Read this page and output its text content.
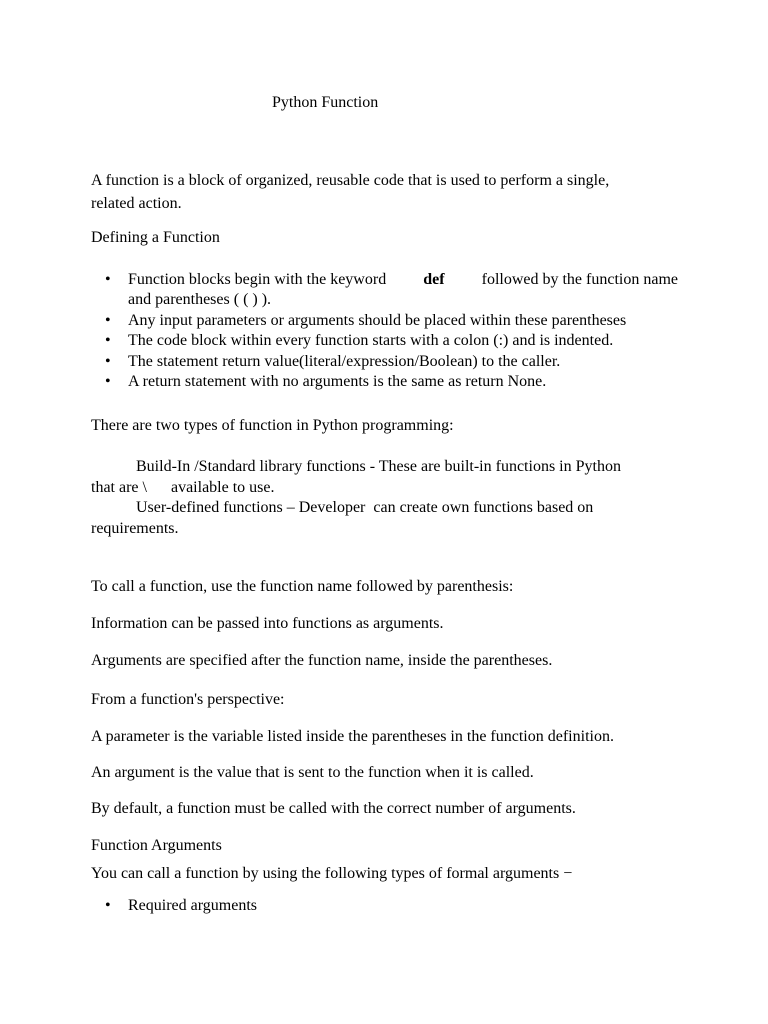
Python Function
A function is a block of organized, reusable code that is used to perform a single,
related action.
Defining a Function
• Function blocks begin with the keyword def followed by the function name
and parentheses ( ( ) ).
• Any input parameters or arguments should be placed within these parentheses
• The code block within every function starts with a colon (:) and is indented.
• The statement return value(literal/expression/Boolean) to the caller.
• A return statement with no arguments is the same as return None.
There are two types of function in Python programming:
Build-In /Standard library functions - These are built-in functions in Python
that are \      available to use.
User-defined functions – Developer  can create own functions based on
requirements.
To call a function, use the function name followed by parenthesis:
Information can be passed into functions as arguments.
Arguments are specified after the function name, inside the parentheses.
From a function's perspective:
A parameter is the variable listed inside the parentheses in the function definition.
An argument is the value that is sent to the function when it is called.
By default, a function must be called with the correct number of arguments.
Function Arguments
You can call a function by using the following types of formal arguments −
• Required arguments
